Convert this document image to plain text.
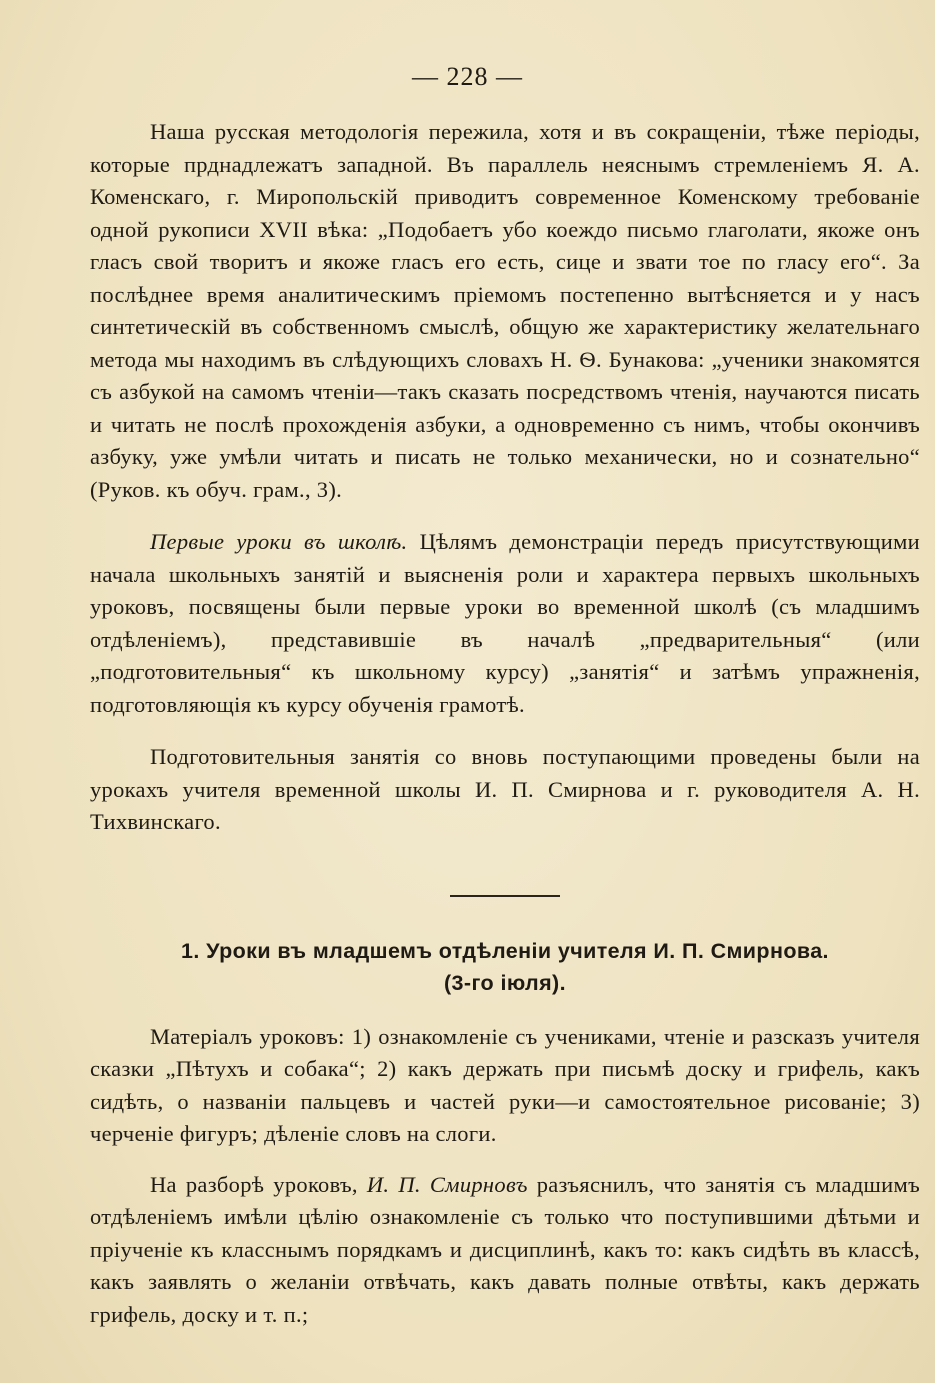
— 228 —

Наша русская методологія пережила, хотя и въ сокращеніи, тѣже періоды, которые прднадлежатъ западной. Въ параллель неяснымъ стремленіемъ Я. А. Коменскаго, г. Миропольскій приводитъ современное Коменскому требованіе одной рукописи XVII вѣка: „Подобаетъ убо коеждо письмо глаголати, якоже онъ гласъ свой творитъ и якоже гласъ его есть, сице и звати тое по гласу его“. За послѣднее время аналитическимъ пріемомъ постепенно вытѣсняется и у насъ синтетическій въ собственномъ смыслѣ, общую же характеристику желательнаго метода мы находимъ въ слѣдующихъ словахъ Н. Ѳ. Бунакова: „ученики знакомятся съ азбукой на самомъ чтеніи—такъ сказать посредствомъ чтенія, научаются писать и читать не послѣ прохожденія азбуки, а одновременно съ нимъ, чтобы окончивъ азбуку, уже умѣли читать и писать не только механически, но и сознательно“ (Руков. къ обуч. грам., 3).

Первые уроки въ школѣ. Цѣлямъ демонстраціи передъ присутствующими начала школьныхъ занятій и выясненія роли и характера первыхъ школьныхъ уроковъ, посвящены были первые уроки во временной школѣ (съ младшимъ отдѣленіемъ), представившіе въ началѣ „предварительныя“ (или „подготовительныя“ къ школьному курсу) „занятія“ и затѣмъ упражненія, подготовляющія къ курсу обученія грамотѣ.

Подготовительныя занятія со вновь поступающими проведены были на урокахъ учителя временной школы И. П. Смирнова и г. руководителя А. Н. Тихвинскаго.

1. Уроки въ младшемъ отдѣленіи учителя И. П. Смирнова.
(3-го іюля).

Матеріалъ уроковъ: 1) ознакомленіе съ учениками, чтеніе и разсказъ учителя сказки „Пѣтухъ и собака“; 2) какъ держать при письмѣ доску и грифель, какъ сидѣть, о названіи пальцевъ и частей руки—и самостоятельное рисованіе; 3) черченіе фигуръ; дѣленіе словъ на слоги.

На разборѣ уроковъ, И. П. Смирновъ разъяснилъ, что занятія съ младшимъ отдѣленіемъ имѣли цѣлію ознакомленіе съ только что поступившими дѣтьми и пріученіе къ класснымъ порядкамъ и дисциплинѣ, какъ то: какъ сидѣть въ классѣ, какъ заявлять о желаніи отвѣчать, какъ давать полные отвѣты, какъ держать грифель, доску и т. п.;
